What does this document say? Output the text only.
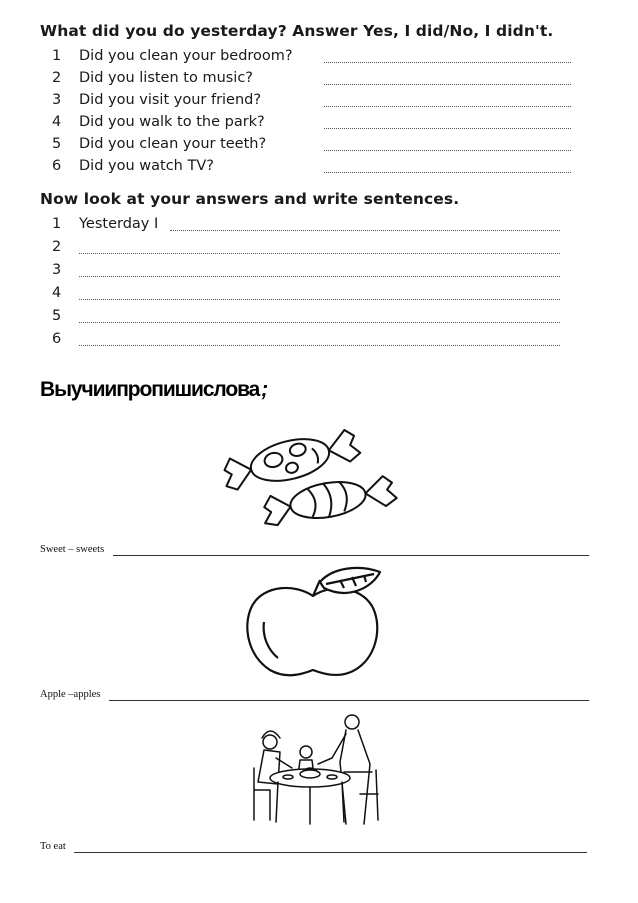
What did you do yesterday? Answer Yes, I did/No, I didn't.
1	Did you clean your bedroom?
2	Did you listen to music?
3	Did you visit your friend?
4	Did you walk to the park?
5	Did you clean your teeth?
6	Did you watch TV?
Now look at your answers and write sentences.
1	Yesterday I
2
3
4
5
6
Выучиипропишислова;
Sweet – sweets
Apple –apples
To eat
